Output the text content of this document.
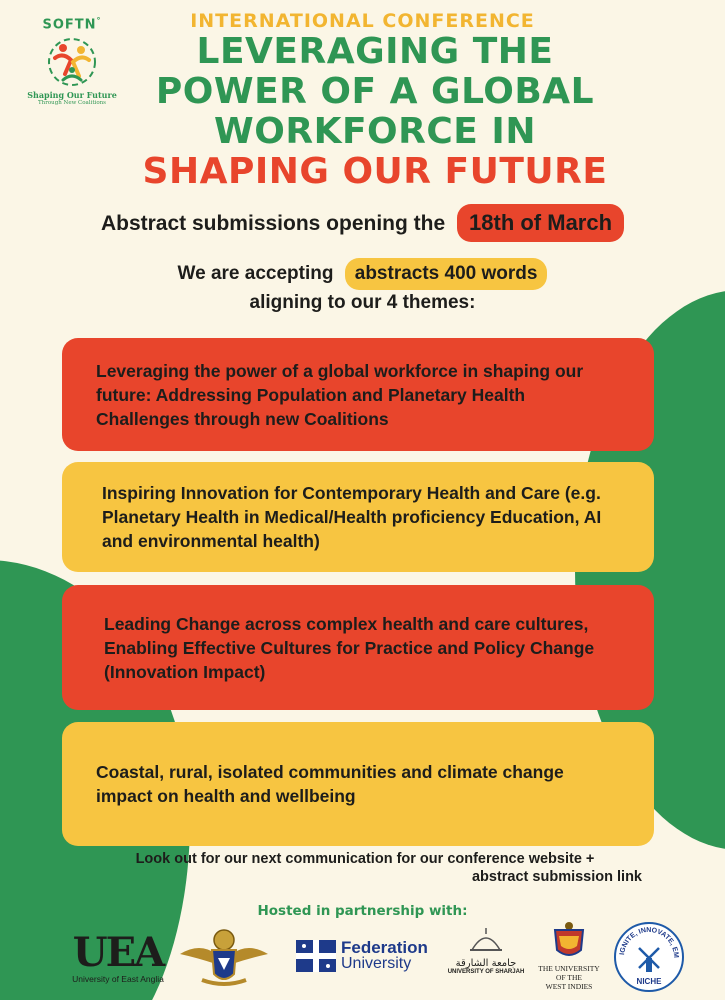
SOFTN°
Shaping Our Future
Through New Coalitions
INTERNATIONAL CONFERENCE
LEVERAGING THE
POWER OF A GLOBAL
WORKFORCE IN
SHAPING OUR FUTURE
Abstract submissions opening the 18th of March
We are accepting abstracts 400 words
aligning to our 4 themes:
Leveraging the power of a global workforce in shaping our future: Addressing Population and Planetary Health Challenges through new Coalitions
Inspiring Innovation for Contemporary Health and Care (e.g. Planetary Health in Medical/Health proficiency Education, AI and environmental health)
Leading Change across complex health and care cultures, Enabling Effective Cultures for Practice and Policy Change (Innovation Impact)
Coastal, rural, isolated communities and climate change impact on health and wellbeing
Look out for our next communication for our conference website +
abstract submission link
Hosted in partnership with:
UEA
University of East Anglia
Federation
University	جامعة الشارقة
UNIVERSITY OF SHARJAH	THE UNIVERSITY
OF THE
WEST INDIES
IGNITE, INNOVATE, EM
NICHE
